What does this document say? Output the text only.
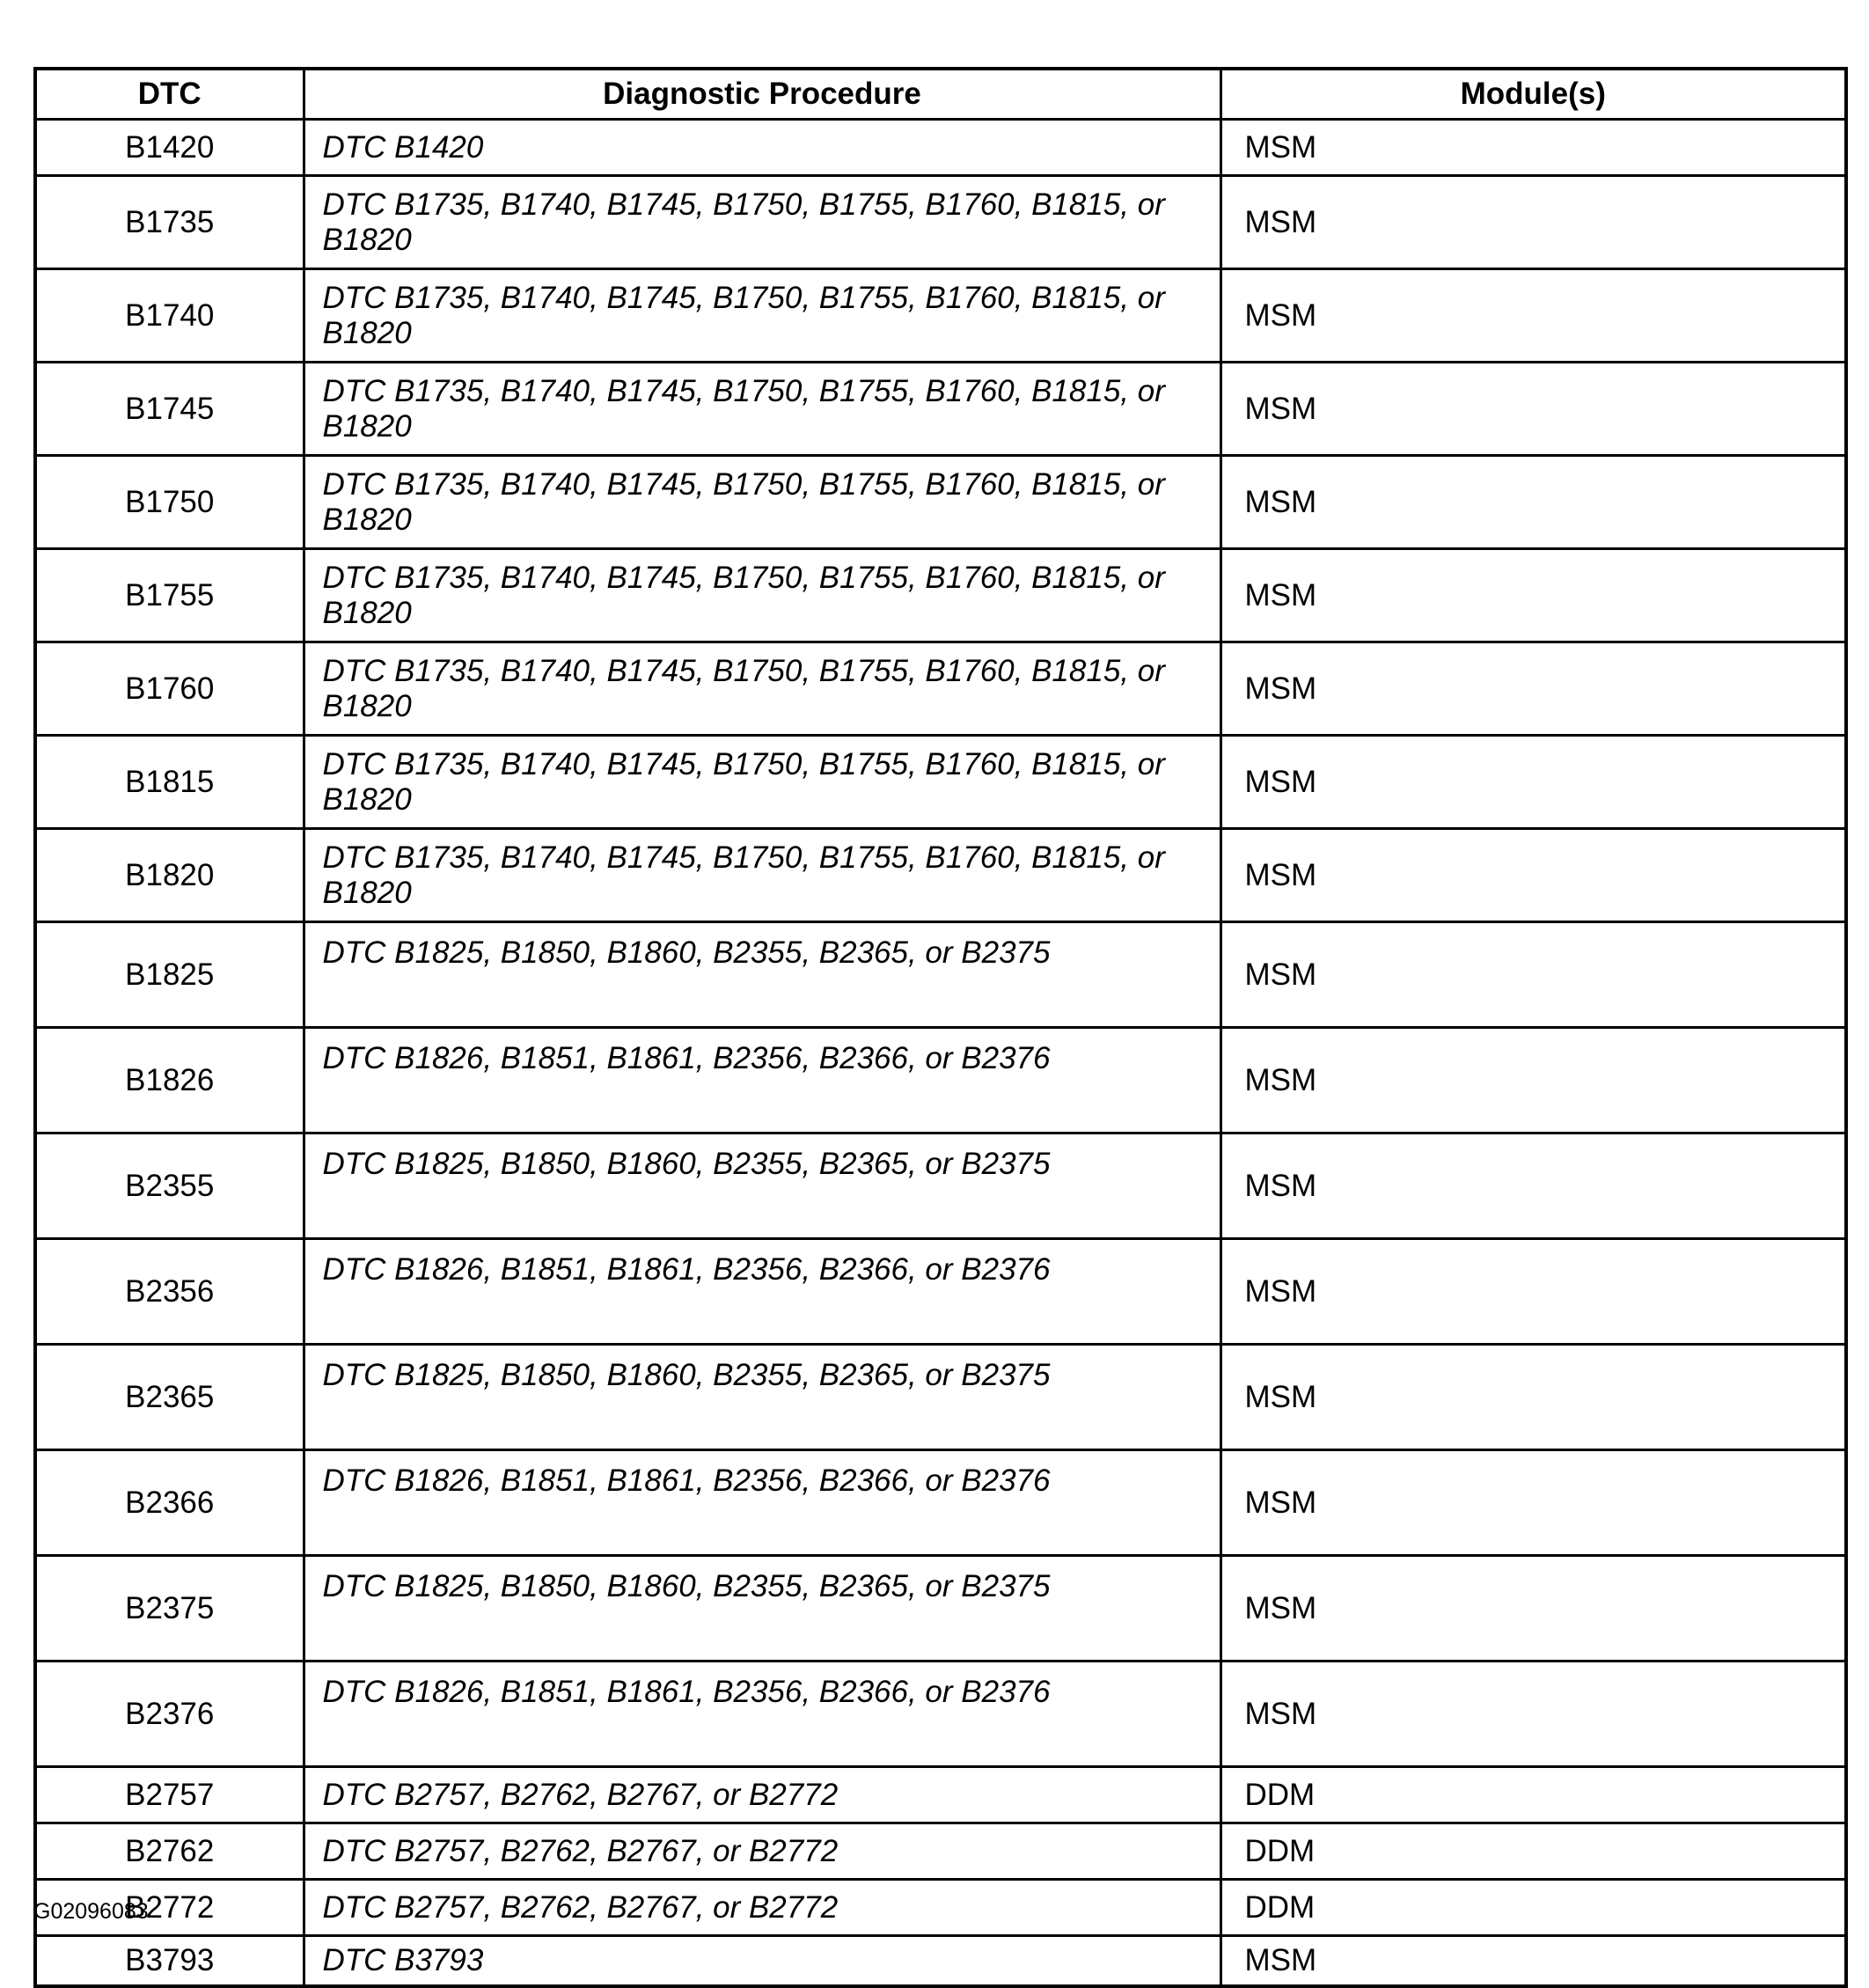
DTC	Diagnostic Procedure	Module(s)
B1420	DTC B1420	MSM
B1735	DTC B1735, B1740, B1745, B1750, B1755, B1760, B1815, or B1820	MSM
B1740	DTC B1735, B1740, B1745, B1750, B1755, B1760, B1815, or B1820	MSM
B1745	DTC B1735, B1740, B1745, B1750, B1755, B1760, B1815, or B1820	MSM
B1750	DTC B1735, B1740, B1745, B1750, B1755, B1760, B1815, or B1820	MSM
B1755	DTC B1735, B1740, B1745, B1750, B1755, B1760, B1815, or B1820	MSM
B1760	DTC B1735, B1740, B1745, B1750, B1755, B1760, B1815, or B1820	MSM
B1815	DTC B1735, B1740, B1745, B1750, B1755, B1760, B1815, or B1820	MSM
B1820	DTC B1735, B1740, B1745, B1750, B1755, B1760, B1815, or B1820	MSM
B1825	DTC B1825, B1850, B1860, B2355, B2365, or B2375	MSM
B1826	DTC B1826, B1851, B1861, B2356, B2366, or B2376	MSM
B2355	DTC B1825, B1850, B1860, B2355, B2365, or B2375	MSM
B2356	DTC B1826, B1851, B1861, B2356, B2366, or B2376	MSM
B2365	DTC B1825, B1850, B1860, B2355, B2365, or B2375	MSM
B2366	DTC B1826, B1851, B1861, B2356, B2366, or B2376	MSM
B2375	DTC B1825, B1850, B1860, B2355, B2365, or B2375	MSM
B2376	DTC B1826, B1851, B1861, B2356, B2366, or B2376	MSM
B2757	DTC B2757, B2762, B2767, or B2772	DDM
B2762	DTC B2757, B2762, B2767, or B2772	DDM
B2772	DTC B2757, B2762, B2767, or B2772	DDM
B3793	DTC B3793	MSM
G02096083
